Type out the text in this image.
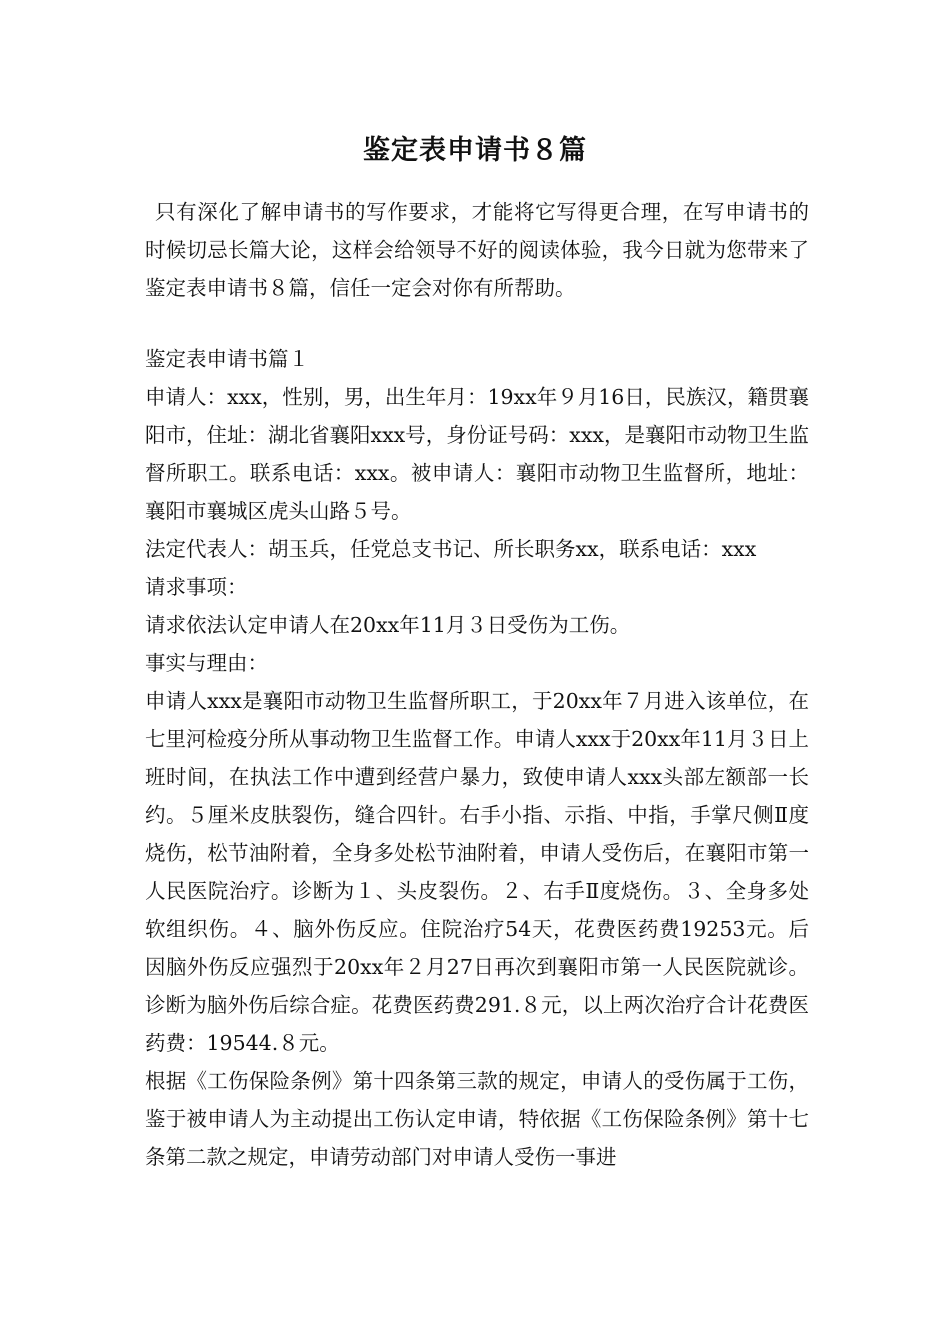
鉴定表申请书８篇
只有深化了解申请书的写作要求，才能将它写得更合理，在写申请书的时候切忌长篇大论，这样会给领导不好的阅读体验，我今日就为您带来了鉴定表申请书８篇，信任一定会对你有所帮助。

鉴定表申请书篇１

申请人：xxx，性别，男，出生年月：19xx年９月16日，民族汉，籍贯襄阳市，住址：湖北省襄阳xxx号，身份证号码：xxx，是襄阳市动物卫生监督所职工。联系电话：xxx。被申请人：襄阳市动物卫生监督所，地址：襄阳市襄城区虎头山路５号。

法定代表人：胡玉兵，任党总支书记、所长职务xx，联系电话：xxx

请求事项：

请求依法认定申请人在20xx年11月３日受伤为工伤。

事实与理由：

申请人xxx是襄阳市动物卫生监督所职工，于20xx年７月进入该单位，在七里河检疫分所从事动物卫生监督工作。申请人xxx于20xx年11月３日上班时间，在执法工作中遭到经营户暴力，致使申请人xxx头部左额部一长约。５厘米皮肤裂伤，缝合四针。右手小指、示指、中指，手掌尺侧Ⅱ度烧伤，松节油附着，全身多处松节油附着，申请人受伤后，在襄阳市第一人民医院治疗。诊断为１、头皮裂伤。２、右手Ⅱ度烧伤。３、全身多处软组织伤。４、脑外伤反应。住院治疗54天，花费医药费19253元。后因脑外伤反应强烈于20xx年２月27日再次到襄阳市第一人民医院就诊。诊断为脑外伤后综合症。花费医药费291.８元，以上两次治疗合计花费医药费：19544.８元。

根据《工伤保险条例》第十四条第三款的规定，申请人的受伤属于工伤，鉴于被申请人为主动提出工伤认定申请，特依据《工伤保险条例》第十七条第二款之规定，申请劳动部门对申请人受伤一事进
